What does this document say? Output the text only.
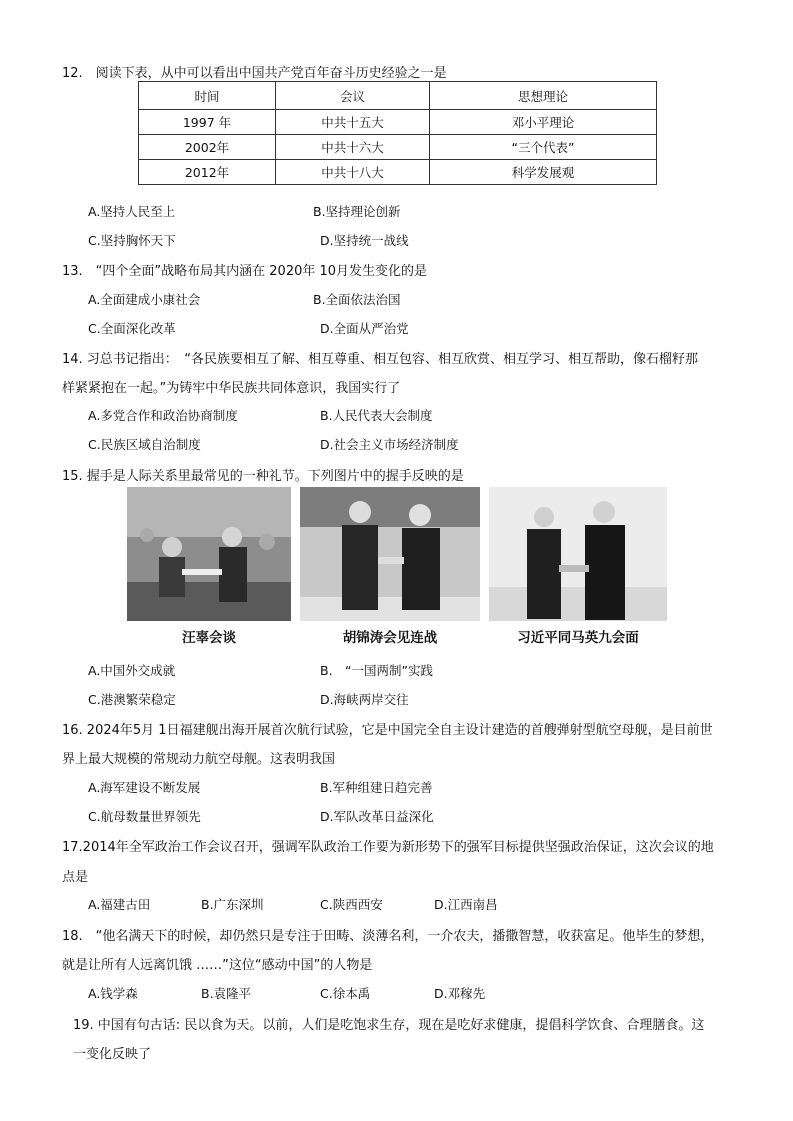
12.　阅读下表，从中可以看出中国共产党百年奋斗历史经验之一是
时间	会议	思想理论
1997 年	中共十五大	邓小平理论
2002年	中共十六大	“三个代表”
2012年	中共十八大	科学发展观
A.坚持人民至上	B.坚持理论创新
C.坚持胸怀天下	D.坚持统一战线
13.　“四个全面”战略布局其内涵在 2020年 10月发生变化的是
A.全面建成小康社会	B.全面依法治国
C.全面深化改革	D.全面从严治党
14. 习总书记指出：　“各民族要相互了解、相互尊重、相互包容、相互欣赏、相互学习、相互帮助，像石榴籽那
样紧紧抱在一起。”为铸牢中华民族共同体意识，我国实行了
A.多党合作和政治协商制度	B.人民代表大会制度
C.民族区域自治制度	D.社会主义市场经济制度
15. 握手是人际关系里最常见的一种礼节。下列图片中的握手反映的是
汪辜会谈	胡锦涛会见连战	习近平同马英九会面
A.中国外交成就	B.　“一国两制”实践
C.港澳繁荣稳定	D.海峡两岸交往
16. 2024年5月 1日福建舰出海开展首次航行试验，它是中国完全自主设计建造的首艘弹射型航空母舰，是目前世
界上最大规模的常规动力航空母舰。这表明我国
A.海军建设不断发展	B.军种组建日趋完善
C.航母数量世界领先	D.军队改革日益深化
17.2014年全军政治工作会议召开，强调军队政治工作要为新形势下的强军目标提供坚强政治保证，这次会议的地
点是
A.福建古田	B.广东深圳	C.陕西西安	D.江西南昌
18.　“他名满天下的时候，却仍然只是专注于田畴、淡薄名利，一介农夫，播撒智慧，收获富足。他毕生的梦想，
就是让所有人远离饥饿 ……”这位“感动中国”的人物是
A.钱学森	B.袁隆平	C.徐本禹	D.邓稼先
19. 中国有句古话: 民以食为天。以前，人们是吃饱求生存，现在是吃好求健康，提倡科学饮食、合理膳食。这
一变化反映了
